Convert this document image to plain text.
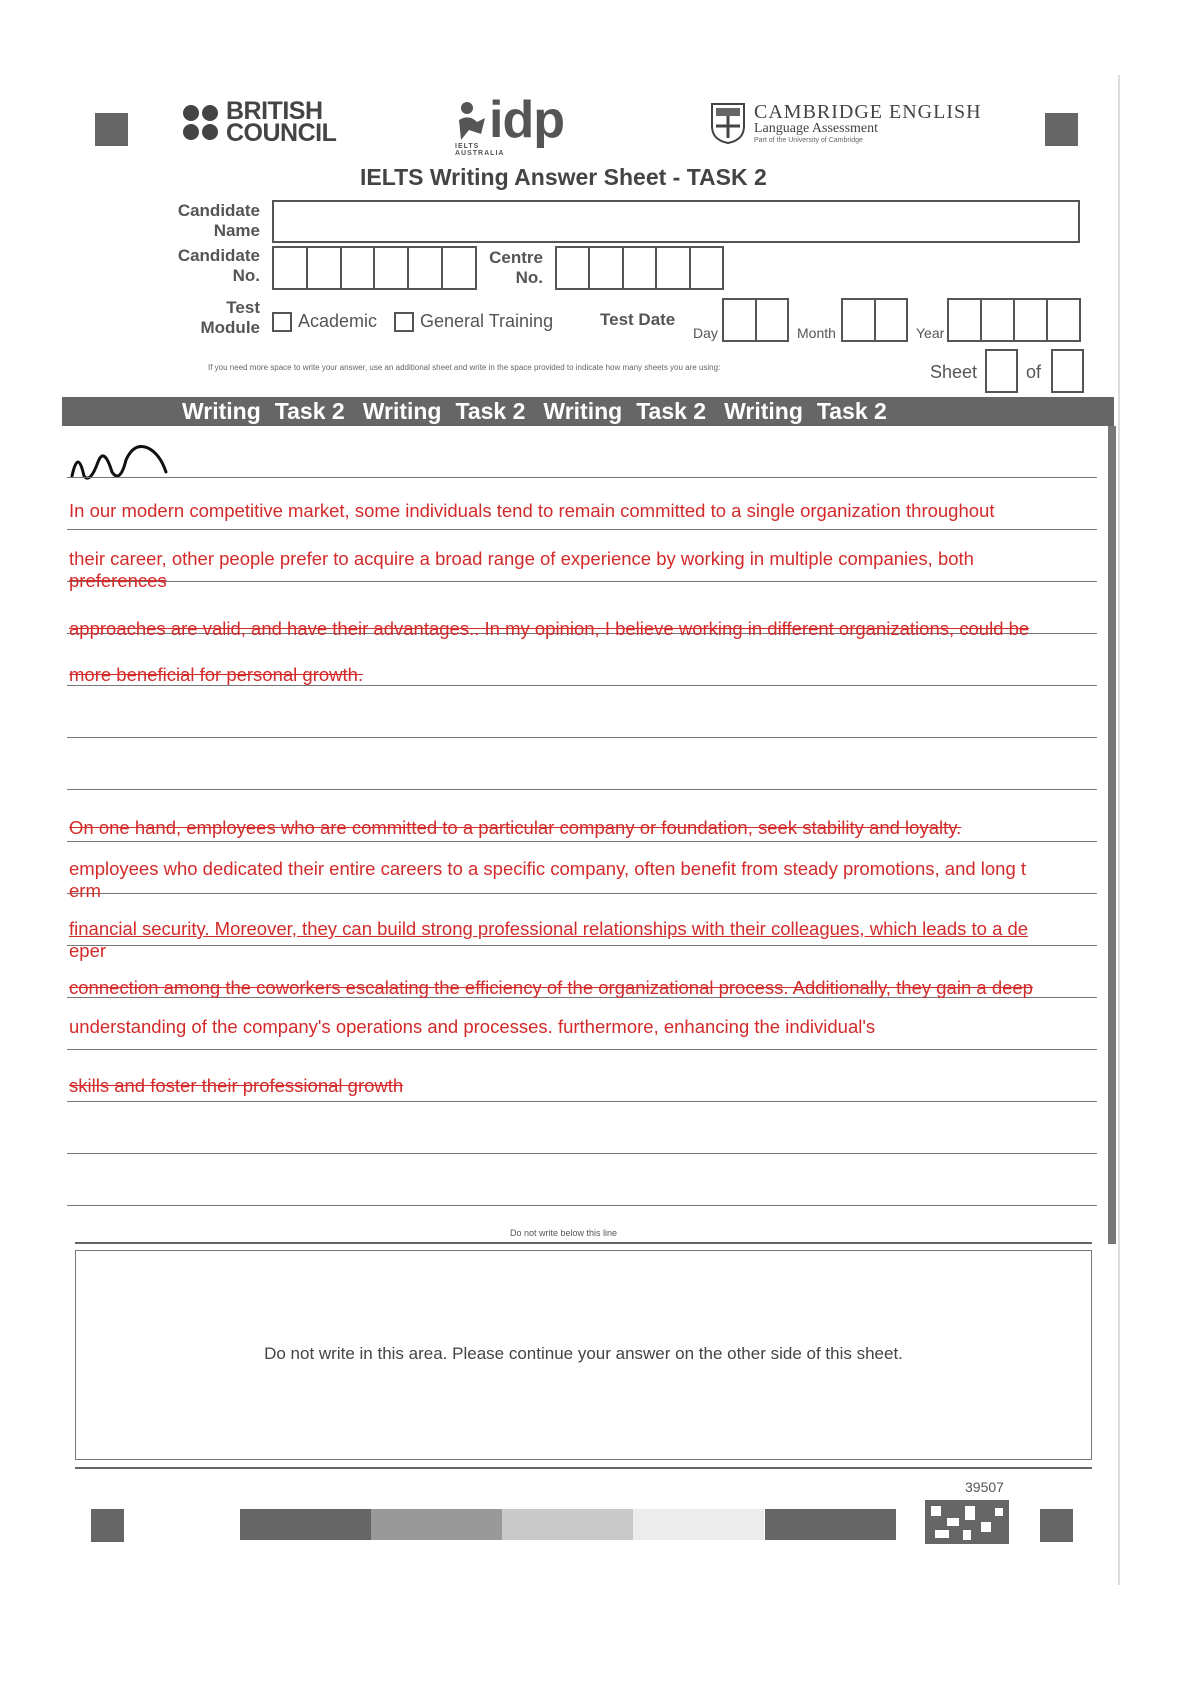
BRITISH
COUNCIL	idp
IELTS AUSTRALIA
CAMBRIDGE ENGLISH
Language Assessment
Part of the University of Cambridge
IELTS Writing Answer Sheet - TASK 2
Candidate
Name
Candidate
No.
Centre
No.
Test
Module	Academic	General Training	Test Date
Day	Month	Year
If you need more space to write your answer, use an additional sheet and write in the space provided to indicate how many sheets you are using:	Sheet	of
Writing Task 2 Writing Task 2 Writing Task 2 Writing Task 2
In our modern competitive market, some individuals tend to remain committed to a single organization throughout
their career, other people prefer to acquire a broad range of experience by working in multiple companies, both
preferences
approaches are valid, and have their advantages.. In my opinion, I believe working in different organizations, could be
more beneficial for personal growth.
On one hand, employees who are committed to a particular company or foundation, seek stability and loyalty.
employees who dedicated their entire careers to a specific company, often benefit from steady promotions, and long t
erm
financial security. Moreover, they can build strong professional relationships with their colleagues, which leads to a de
eper
connection among the coworkers escalating the efficiency of the organizational process. Additionally, they gain a deep
understanding of the company's operations and processes. furthermore, enhancing the individual's
skills and foster their professional growth
Do not write below this line
Do not write in this area. Please continue your answer on the other side of this sheet.
39507
